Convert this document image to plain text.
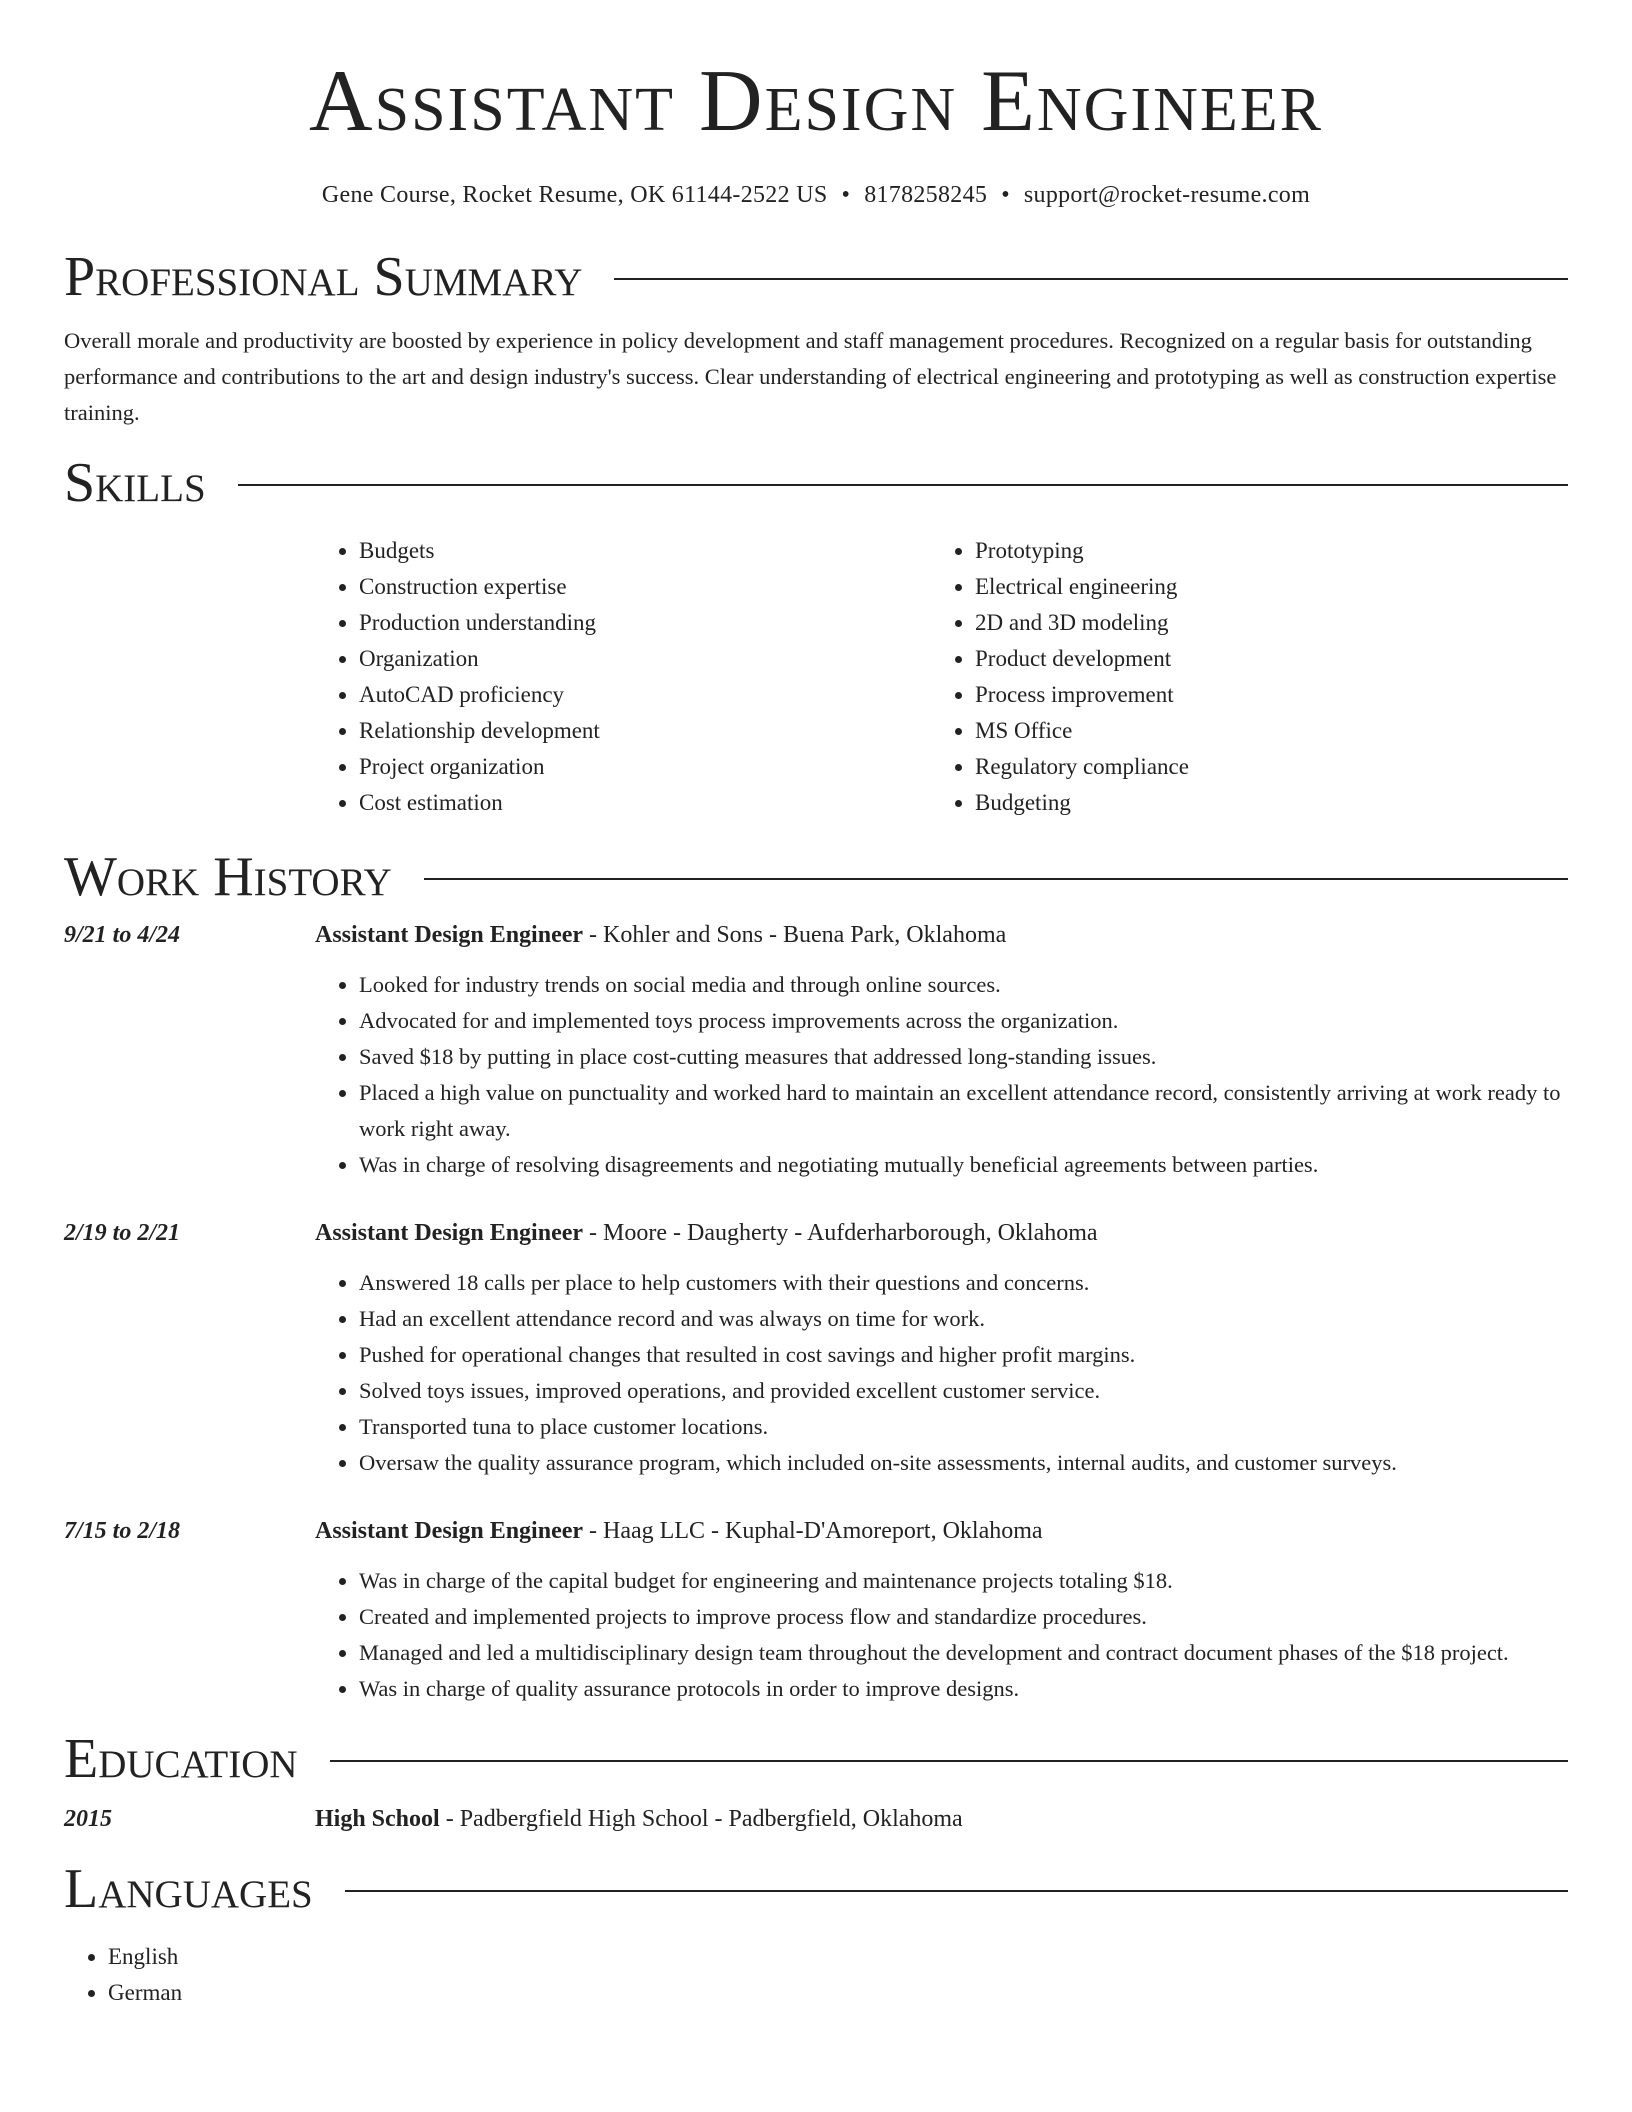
Assistant Design Engineer
Gene Course, Rocket Resume, OK 61144-2522 US • 8178258245 • support@rocket-resume.com
Professional Summary

Overall morale and productivity are boosted by experience in policy development and staff management procedures. Recognized on a regular basis for outstanding performance and contributions to the art and design industry's success. Clear understanding of electrical engineering and prototyping as well as construction expertise training.

Skills
• Budgets
• Construction expertise
• Production understanding
• Organization
• AutoCAD proficiency
• Relationship development
• Project organization
• Cost estimation
• Prototyping
• Electrical engineering
• 2D and 3D modeling
• Product development
• Process improvement
• MS Office
• Regulatory compliance
• Budgeting
Work History
9/21 to 4/24	Assistant Design Engineer - Kohler and Sons - Buena Park, Oklahoma
• Looked for industry trends on social media and through online sources.
• Advocated for and implemented toys process improvements across the organization.
• Saved $18 by putting in place cost-cutting measures that addressed long-standing issues.
• Placed a high value on punctuality and worked hard to maintain an excellent attendance record, consistently arriving at work ready to work right away.
• Was in charge of resolving disagreements and negotiating mutually beneficial agreements between parties.
2/19 to 2/21	Assistant Design Engineer - Moore - Daugherty - Aufderharborough, Oklahoma
• Answered 18 calls per place to help customers with their questions and concerns.
• Had an excellent attendance record and was always on time for work.
• Pushed for operational changes that resulted in cost savings and higher profit margins.
• Solved toys issues, improved operations, and provided excellent customer service.
• Transported tuna to place customer locations.
• Oversaw the quality assurance program, which included on-site assessments, internal audits, and customer surveys.
7/15 to 2/18	Assistant Design Engineer - Haag LLC - Kuphal-D'Amoreport, Oklahoma
• Was in charge of the capital budget for engineering and maintenance projects totaling $18.
• Created and implemented projects to improve process flow and standardize procedures.
• Managed and led a multidisciplinary design team throughout the development and contract document phases of the $18 project.
• Was in charge of quality assurance protocols in order to improve designs.
Education
2015	High School - Padbergfield High School - Padbergfield, Oklahoma
Languages
• English
• German
